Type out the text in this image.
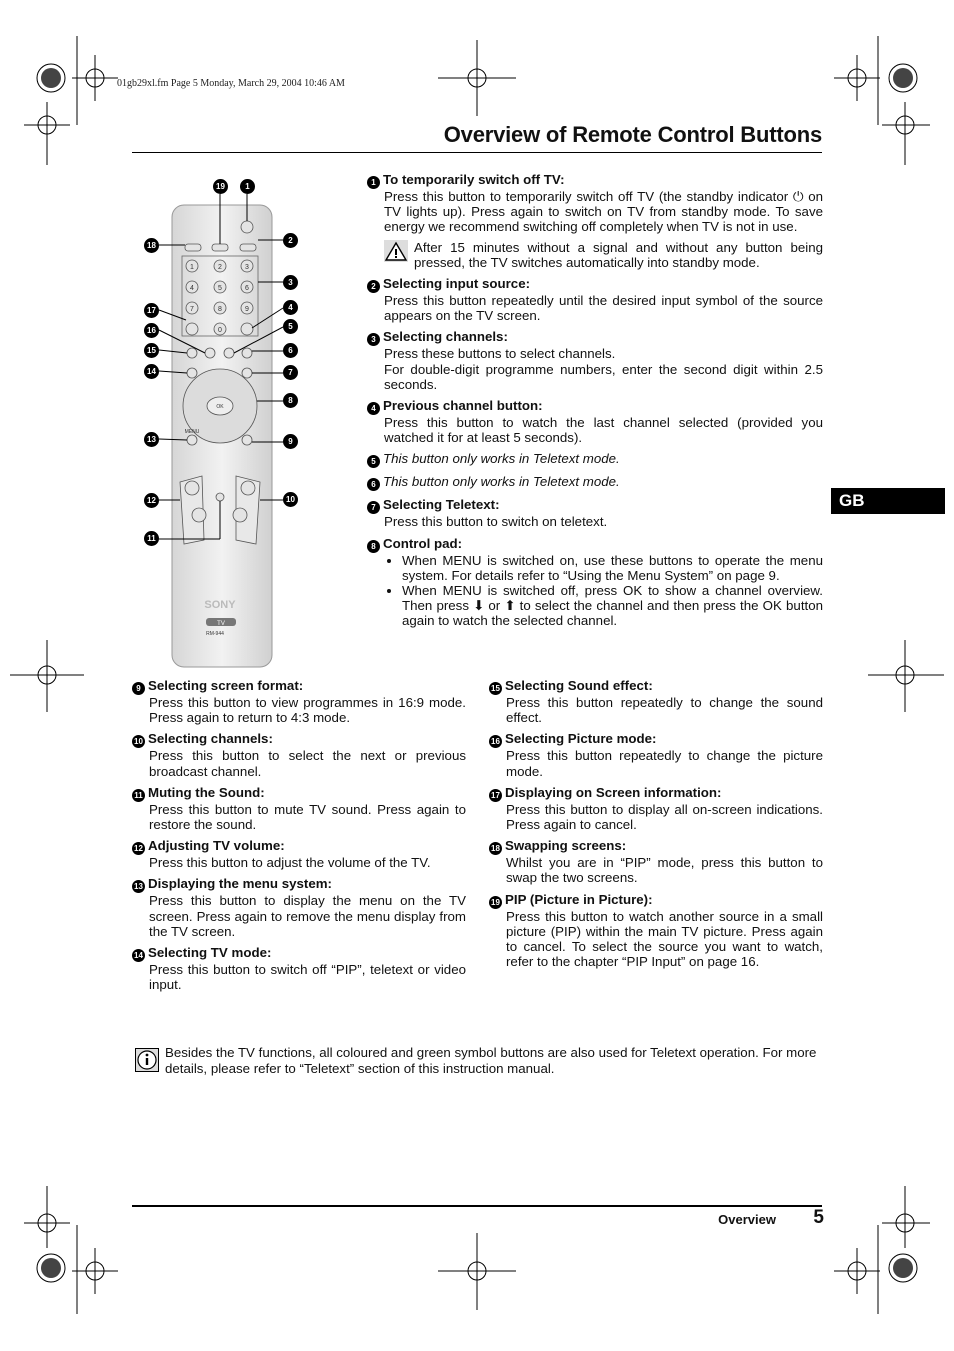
01gb29xl.fm Page 5 Monday, March 29, 2004 10:46 AM
Overview of Remote Control Buttons
GB
1	2	3
4	5	6
7	8	9
0
OK
MENU
SONY
TV
RM-944
19	1
18
2
3
4
17
5
16
15	6
14	7
8
13	9
12	10
11
1 To temporarily switch off TV:
Press this button to temporarily switch off TV (the standby indicator ⏻ on TV lights up). Press again to switch on TV from standby mode. To save energy we recommend switching off completely when TV is not in use.
After 15 minutes without a signal and without any button being pressed, the TV switches automatically into standby mode.
2 Selecting input source:
Press this button repeatedly until the desired input symbol of the source appears on the TV screen.
3 Selecting channels:
Press these buttons to select channels.
For double-digit programme numbers, enter the second digit within 2.5 seconds.
4 Previous channel button:
Press this button to watch the last channel selected (provided you watched it for at least 5 seconds).
5 This button only works in Teletext mode.
6 This button only works in Teletext mode.
7 Selecting Teletext:
Press this button to switch on teletext.
8 Control pad:
• When MENU is switched on, use these buttons to operate the menu system. For details refer to “Using the Menu System” on page 9.
• When MENU is switched off, press OK to show a channel overview. Then press ⬇ or ⬆ to select the channel and then press the OK button again to watch the selected channel.
9 Selecting screen format:
Press this button to view programmes in 16:9 mode. Press again to return to 4:3 mode.
10 Selecting channels:
Press this button to select the next or previous broadcast channel.
11 Muting the Sound:
Press this button to mute TV sound. Press again to restore the sound.
12 Adjusting TV volume:
Press this button to adjust the volume of the TV.
13 Displaying the menu system:
Press this button to display the menu on the TV screen. Press again to remove the menu display from the TV screen.
14 Selecting TV mode:
Press this button to switch off “PIP”, teletext or video input.
15 Selecting Sound effect:
Press this button repeatedly to change the sound effect.
16 Selecting Picture mode:
Press this button repeatedly to change the picture mode.
17 Displaying on Screen information:
Press this button to display all on-screen indications. Press again to cancel.
18 Swapping screens:
Whilst you are in “PIP” mode, press this button to swap the two screens.
19 PIP (Picture in Picture):
Press this button to watch another source in a small picture (PIP) within the main TV picture. Press again to cancel. To select the source you want to watch, refer to the chapter “PIP Input” on page 16.
Besides the TV functions, all coloured and green symbol buttons are also used for Teletext operation. For more details, please refer to “Teletext” section of this instruction manual.
Overview 5
